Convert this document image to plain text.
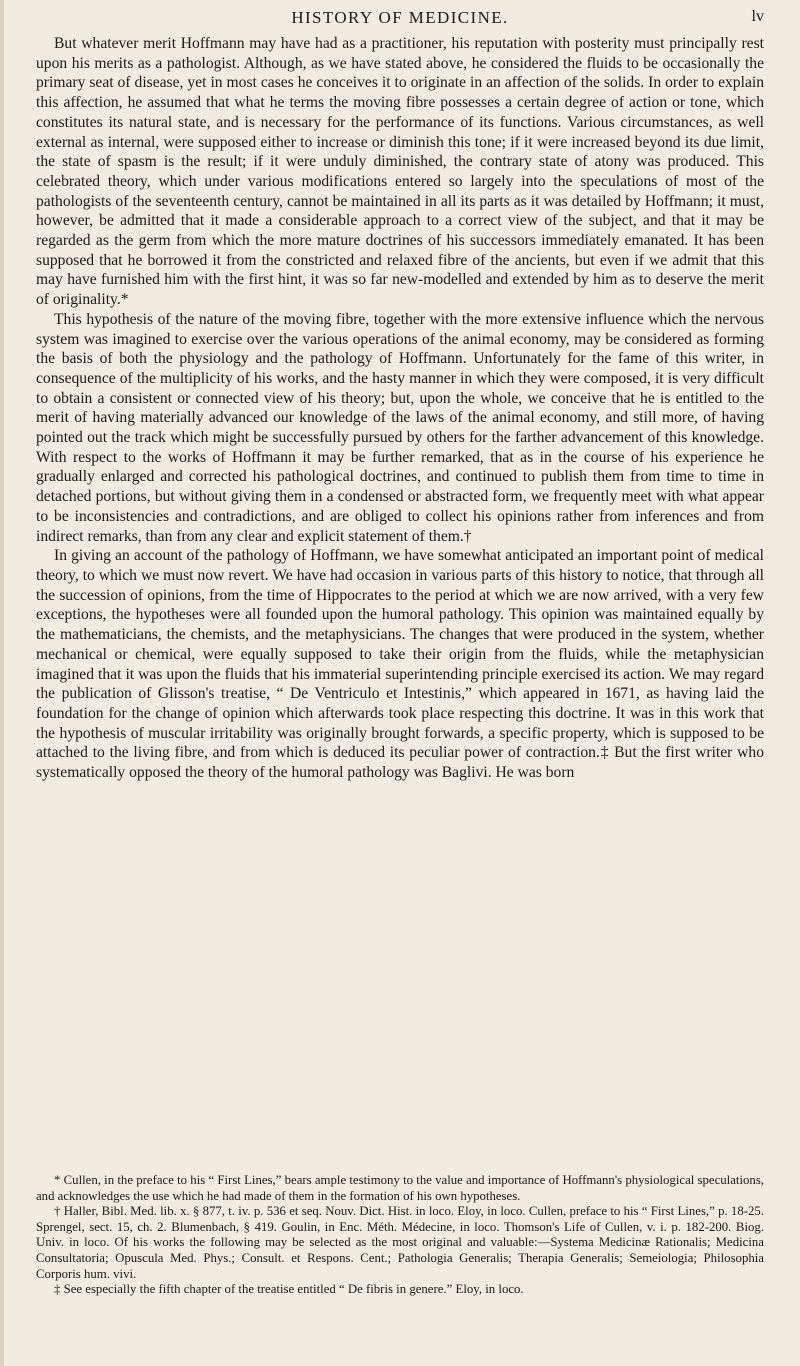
HISTORY OF MEDICINE.	lv

But whatever merit Hoffmann may have had as a practitioner, his reputation with posterity must principally rest upon his merits as a pathologist. Although, as we have stated above, he considered the fluids to be occasionally the primary seat of disease, yet in most cases he conceives it to originate in an affection of the solids. In order to explain this affection, he assumed that what he terms the moving fibre possesses a certain degree of action or tone, which constitutes its natural state, and is necessary for the performance of its functions. Various circumstances, as well external as internal, were supposed either to increase or diminish this tone; if it were increased beyond its due limit, the state of spasm is the result; if it were unduly diminished, the contrary state of atony was produced. This celebrated theory, which under various modifications entered so largely into the speculations of most of the pathologists of the seventeenth century, cannot be maintained in all its parts as it was detailed by Hoffmann; it must, however, be admitted that it made a considerable approach to a correct view of the subject, and that it may be regarded as the germ from which the more mature doctrines of his successors immediately emanated. It has been supposed that he borrowed it from the constricted and relaxed fibre of the ancients, but even if we admit that this may have furnished him with the first hint, it was so far new-modelled and extended by him as to deserve the merit of originality.*

This hypothesis of the nature of the moving fibre, together with the more extensive influence which the nervous system was imagined to exercise over the various operations of the animal economy, may be considered as forming the basis of both the physiology and the pathology of Hoffmann. Unfortunately for the fame of this writer, in consequence of the multiplicity of his works, and the hasty manner in which they were composed, it is very difficult to obtain a consistent or connected view of his theory; but, upon the whole, we conceive that he is entitled to the merit of having materially advanced our knowledge of the laws of the animal economy, and still more, of having pointed out the track which might be successfully pursued by others for the farther advancement of this knowledge. With respect to the works of Hoffmann it may be further remarked, that as in the course of his experience he gradually enlarged and corrected his pathological doctrines, and continued to publish them from time to time in detached portions, but without giving them in a condensed or abstracted form, we frequently meet with what appear to be inconsistencies and contradictions, and are obliged to collect his opinions rather from inferences and from indirect remarks, than from any clear and explicit statement of them.†

In giving an account of the pathology of Hoffmann, we have somewhat anticipated an important point of medical theory, to which we must now revert. We have had occasion in various parts of this history to notice, that through all the succession of opinions, from the time of Hippocrates to the period at which we are now arrived, with a very few exceptions, the hypotheses were all founded upon the humoral pathology. This opinion was maintained equally by the mathematicians, the chemists, and the metaphysicians. The changes that were produced in the system, whether mechanical or chemical, were equally supposed to take their origin from the fluids, while the metaphysician imagined that it was upon the fluids that his immaterial superintending principle exercised its action. We may regard the publication of Glisson's treatise, “ De Ventriculo et Intestinis,” which appeared in 1671, as having laid the foundation for the change of opinion which afterwards took place respecting this doctrine. It was in this work that the hypothesis of muscular irritability was originally brought forwards, a specific property, which is supposed to be attached to the living fibre, and from which is deduced its peculiar power of contraction.‡ But the first writer who systematically opposed the theory of the humoral pathology was Baglivi. He was born

* Cullen, in the preface to his “ First Lines,” bears ample testimony to the value and importance of Hoffmann's physiological speculations, and acknowledges the use which he had made of them in the formation of his own hypotheses.

† Haller, Bibl. Med. lib. x. § 877, t. iv. p. 536 et seq. Nouv. Dict. Hist. in loco. Eloy, in loco. Cullen, preface to his “ First Lines,” p. 18-25. Sprengel, sect. 15, ch. 2. Blumenbach, § 419. Goulin, in Enc. Méth. Médecine, in loco. Thomson's Life of Cullen, v. i. p. 182-200. Biog. Univ. in loco. Of his works the following may be selected as the most original and valuable:—Systema Medicinæ Rationalis; Medicina Consultatoria; Opuscula Med. Phys.; Consult. et Respons. Cent.; Pathologia Generalis; Therapia Generalis; Semeiologia; Philosophia Corporis hum. vivi.

‡ See especially the fifth chapter of the treatise entitled “ De fibris in genere.” Eloy, in loco.
